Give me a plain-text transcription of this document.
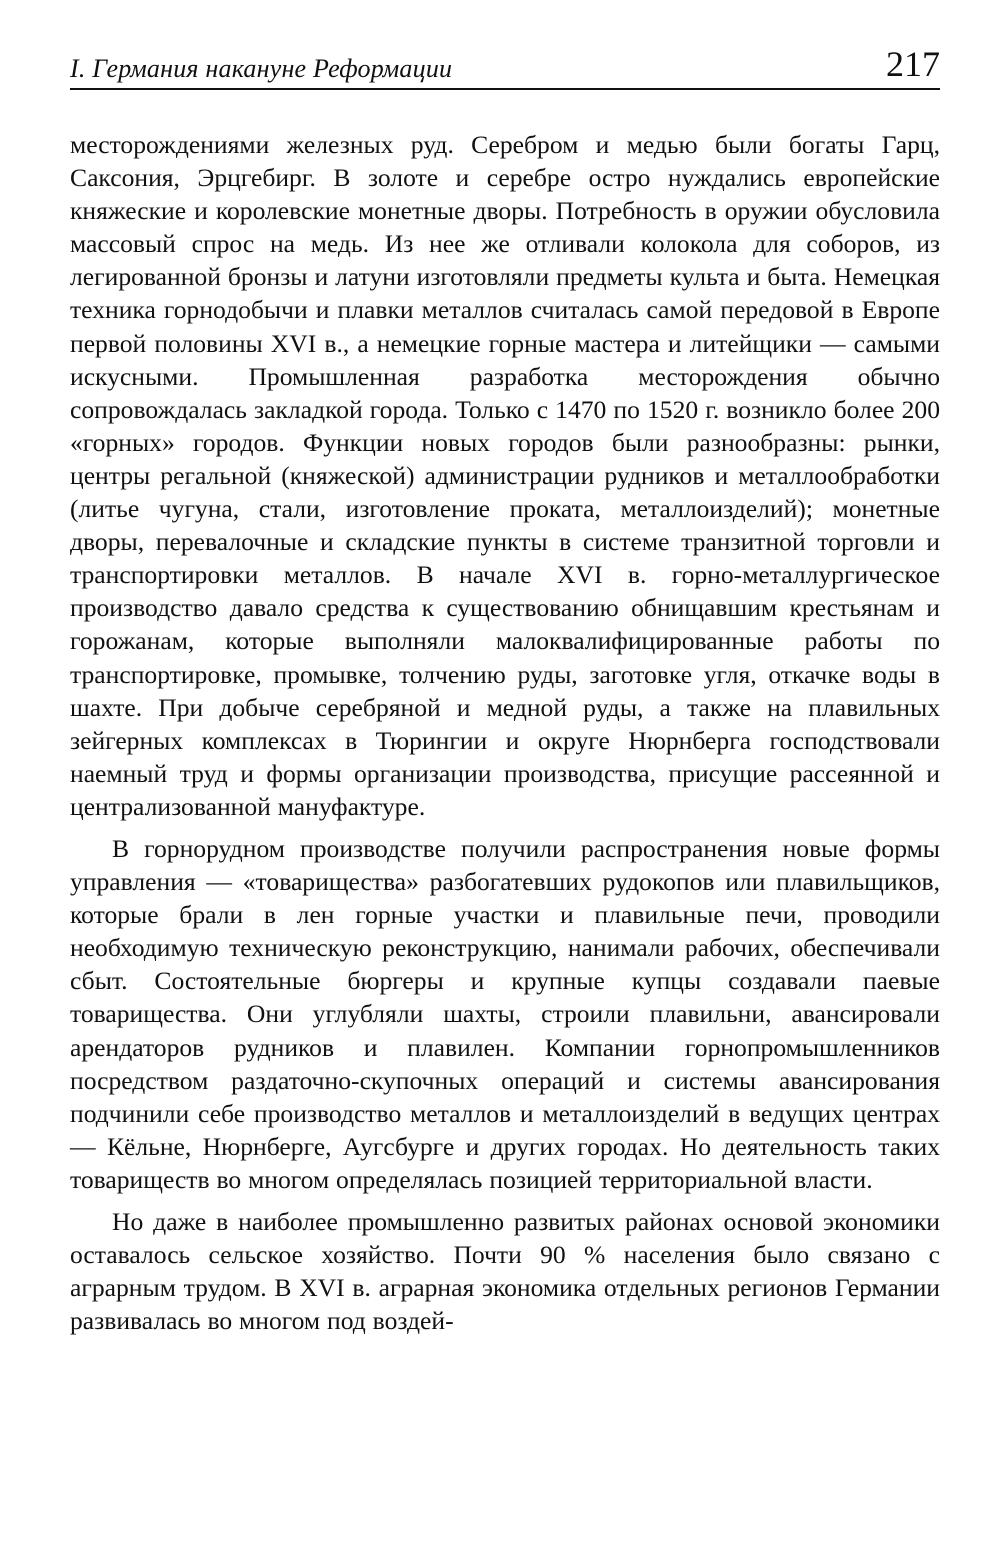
I. Германия накануне Реформации	217

месторождениями железных руд. Серебром и медью были богаты Гарц, Саксония, Эрцгебирг. В золоте и серебре остро нуждались европейские княжеские и королевские монетные дворы. Потребность в оружии обусловила массовый спрос на медь. Из нее же отливали колокола для соборов, из легированной бронзы и латуни изготовляли предметы культа и быта. Немецкая техника горнодобычи и плавки металлов считалась самой передовой в Европе первой половины XVI в., а немецкие горные мастера и литейщики — самыми искусными. Промышленная разработка месторождения обычно сопровождалась закладкой города. Только с 1470 по 1520 г. возникло более 200 «горных» городов. Функции новых городов были разнообразны: рынки, центры регальной (княжеской) администрации рудников и металлообработки (литье чугуна, стали, изготовление проката, металлоизделий); монетные дворы, перевалочные и складские пункты в системе транзитной торговли и транспортировки металлов. В начале XVI в. горно-металлургическое производство давало средства к существованию обнищавшим крестьянам и горожанам, которые выполняли малоквалифицированные работы по транспортировке, промывке, толчению руды, заготовке угля, откачке воды в шахте. При добыче серебряной и медной руды, а также на плавильных зейгерных комплексах в Тюрингии и округе Нюрнберга господствовали наемный труд и формы организации производства, присущие рассеянной и централизованной мануфактуре.

В горнорудном производстве получили распространения новые формы управления — «товарищества» разбогатевших рудокопов или плавильщиков, которые брали в лен горные участки и плавильные печи, проводили необходимую техническую реконструкцию, нанимали рабочих, обеспечивали сбыт. Состоятельные бюргеры и крупные купцы создавали паевые товарищества. Они углубляли шахты, строили плавильни, авансировали арендаторов рудников и плавилен. Компании горнопромышленников посредством раздаточно-скупочных операций и системы авансирования подчинили себе производство металлов и металлоизделий в ведущих центрах — Кёльне, Нюрнберге, Аугсбурге и других городах. Но деятельность таких товариществ во многом определялась позицией территориальной власти.

Но даже в наиболее промышленно развитых районах основой экономики оставалось сельское хозяйство. Почти 90 % населения было связано с аграрным трудом. В XVI в. аграрная экономика отдельных регионов Германии развивалась во многом под воздей-
